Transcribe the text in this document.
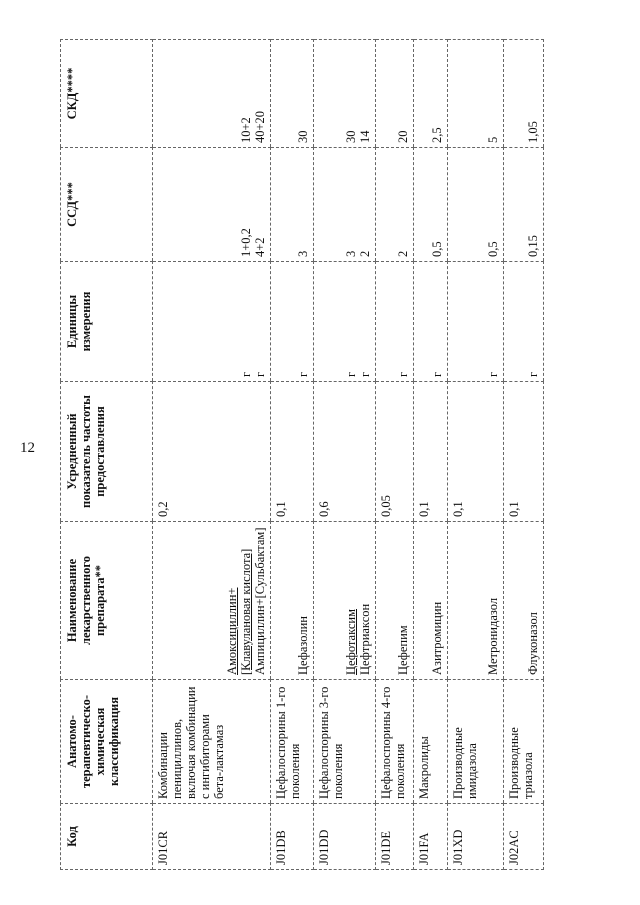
12
Код	Анатомо-терапевтическо-химическая классификация	Наименование лекарственного препарата**	Усредненный показатель частоты предоставления	Единицы измерения	ССД***	СКД****
J01CR	Комбинации пенициллинов, включая комбинации с ингибиторами бета-лактамаз	Амоксициллин+ [Клавулановая кислота] Ампициллин+[Сульбактам]	0,2	г г	1+0,2 4+2	10+2 40+20

J01DB	Цефалоспорины 1-го поколения	Цефазолин	0,1	г	3	30

J01DD	Цефалоспорины 3-го поколения	Цефотаксим Цефтриаксон	0,6	г г	3 2	30 14

J01DE	Цефалоспорины 4-го поколения	Цефепим	0,05	г	2	20

J01FA	Макролиды	Азитромицин	0,1	г	0,5	2,5

J01XD	Производные имидазола	Метронидазол	0,1	г	0,5	5

J02AC	Производные триазола	Флуконазол	0,1	г	0,15	1,05
